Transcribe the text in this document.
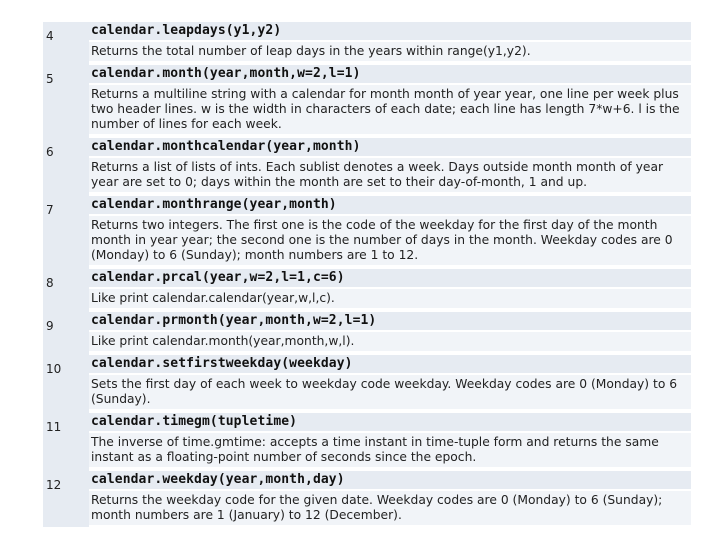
4	calendar.leapdays(y1,y2)
Returns the total number of leap days in the years within range(y1,y2).
5	calendar.month(year,month,w=2,l=1)
Returns a multiline string with a calendar for month month of year year, one line per week plus two header lines. w is the width in characters of each date; each line has length 7*w+6. l is the number of lines for each week.
6	calendar.monthcalendar(year,month)
Returns a list of lists of ints. Each sublist denotes a week. Days outside month month of year year are set to 0; days within the month are set to their day-of-month, 1 and up.
7	calendar.monthrange(year,month)
Returns two integers. The first one is the code of the weekday for the first day of the month month in year year; the second one is the number of days in the month. Weekday codes are 0 (Monday) to 6 (Sunday); month numbers are 1 to 12.
8	calendar.prcal(year,w=2,l=1,c=6)
Like print calendar.calendar(year,w,l,c).
9	calendar.prmonth(year,month,w=2,l=1)
Like print calendar.month(year,month,w,l).
10	calendar.setfirstweekday(weekday)
Sets the first day of each week to weekday code weekday. Weekday codes are 0 (Monday) to 6 (Sunday).
11	calendar.timegm(tupletime)
The inverse of time.gmtime: accepts a time instant in time-tuple form and returns the same instant as a floating-point number of seconds since the epoch.
12	calendar.weekday(year,month,day)
Returns the weekday code for the given date. Weekday codes are 0 (Monday) to 6 (Sunday); month numbers are 1 (January) to 12 (December).
